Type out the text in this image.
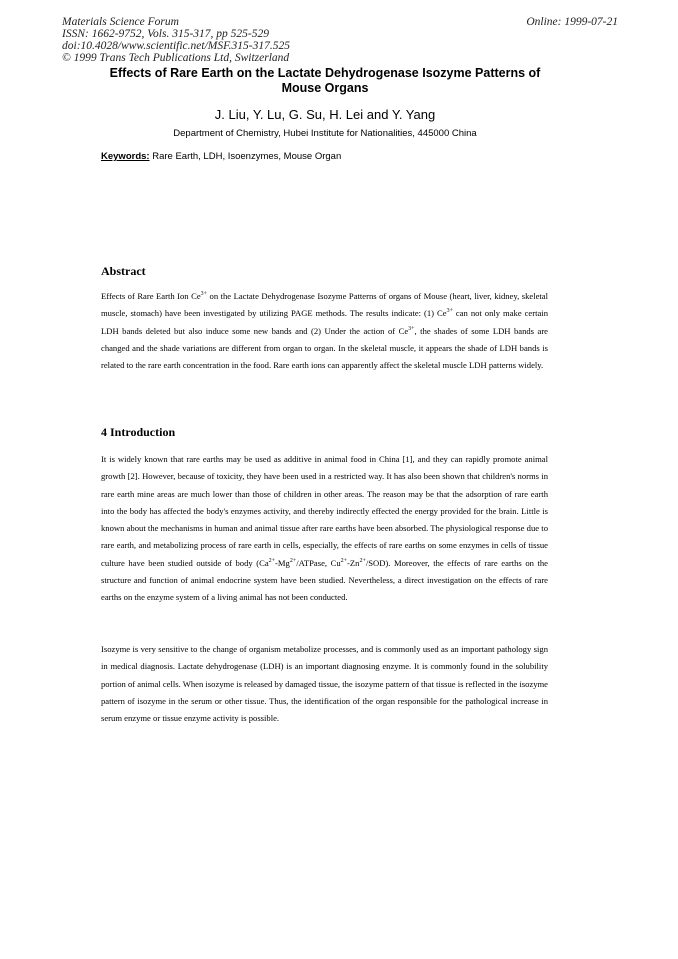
Materials Science Forum
ISSN: 1662-9752, Vols. 315-317, pp 525-529
doi:10.4028/www.scientific.net/MSF.315-317.525
© 1999 Trans Tech Publications Ltd, Switzerland
Online: 1999-07-21
Effects of Rare Earth on the Lactate Dehydrogenase Isozyme Patterns of Mouse Organs
J. Liu, Y. Lu, G. Su, H. Lei and Y. Yang
Department of Chemistry, Hubei Institute for Nationalities, 445000 China
Keywords: Rare Earth, LDH, Isoenzymes, Mouse Organ
Abstract
Effects of Rare Earth Ion $Ce^{3+}$ on the Lactate Dehydrogenase Isozyme Patterns of organs of Mouse (heart, liver, kidney, skeletal muscle, stomach) have been investigated by utilizing PAGE methods. The results indicate: (1) $Ce^{3+}$ can not only make certain LDH bands deleted but also induce some new bands and (2) Under the action of $Ce^{3+}$, the shades of some LDH bands are changed and the shade variations are different from organ to organ. In the skeletal muscle, it appears the shade of LDH bands is related to the rare earth concentration in the food. Rare earth ions can apparently affect the skeletal muscle LDH patterns widely.
4 Introduction
It is widely known that rare earths may be used as additive in animal food in China [1], and they can rapidly promote animal growth [2]. However, because of toxicity, they have been used in a restricted way. It has also been shown that children's norms in rare earth mine areas are much lower than those of children in other areas. The reason may be that the adsorption of rare earth into the body has affected the body's enzymes activity, and thereby indirectly effected the energy provided for the brain. Little is known about the mechanisms in human and animal tissue after rare earths have been absorbed. The physiological response due to rare earth, and metabolizing process of rare earth in cells, especially, the effects of rare earths on some enzymes in cells of tissue culture have been studied outside of body ($Ca^{2+}-Mg^{2+}$/ATPase, $Cu^{2+}-Zn^{2+}/SOD$). Moreover, the effects of rare earths on the structure and function of animal endocrine system have been studied. Nevertheless, a direct investigation on the effects of rare earths on the enzyme system of a living animal has not been conducted.
Isozyme is very sensitive to the change of organism metabolize processes, and is commonly used as an important pathology sign in medical diagnosis. Lactate dehydrogenase (LDH) is an important diagnosing enzyme. It is commonly found in the solubility portion of animal cells. When isozyme is released by damaged tissue, the isozyme pattern of that tissue is reflected in the isozyme pattern of isozyme in the serum or other tissue. Thus, the identification of the organ responsible for the pathological increase in serum enzyme or tissue enzyme activity is possible.
